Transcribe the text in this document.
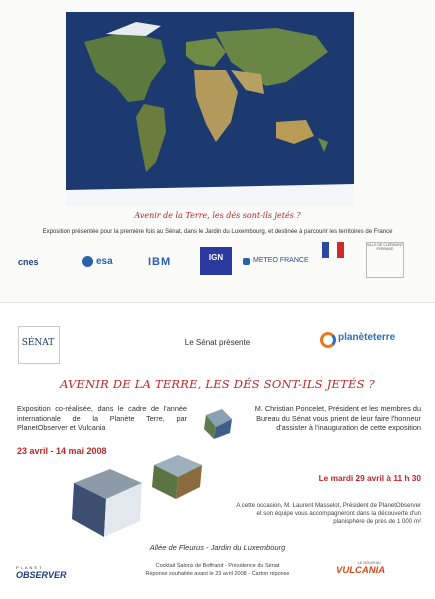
Avenir de la Terre, les dés sont-ils jetés ?
Exposition présentée pour la première fois au Sénat, dans le Jardin du Luxembourg, et destinée à parcourir les territoires de France
cnes	esa	IBM	IGN	METEO FRANCE
VILLE DE CLERMONT FERRAND
SÉNAT	Le Sénat présente	planèteterre
AVENIR DE LA TERRE, LES DÉS SONT-ILS JETÉS ?
Exposition co-réalisée, dans le cadre de l'année internationale de la Planète Terre, par PlanetObserver et Vulcania
23 avril - 14 mai 2008
M. Christian Poncelet, Président et les membres du Bureau du Sénat vous prient de leur faire l'honneur d'assister à l'inauguration de cette exposition
Le mardi 29 avril à 11 h 30
A cette occasion, M. Laurent Masselot, Président de PlanetObserver et son équipe vous accompagneront dans la découverte d'un planisphère de près de 1 000 m²
Allée de Fleurus - Jardin du Luxembourg
Cocktail Salons de Boffrand - Présidence du Sénat
Réponse souhaitée avant le 23 avril 2008 - Carton réponse
PLANET
OBSERVER
LE NOUVEAU
VULCANIA
